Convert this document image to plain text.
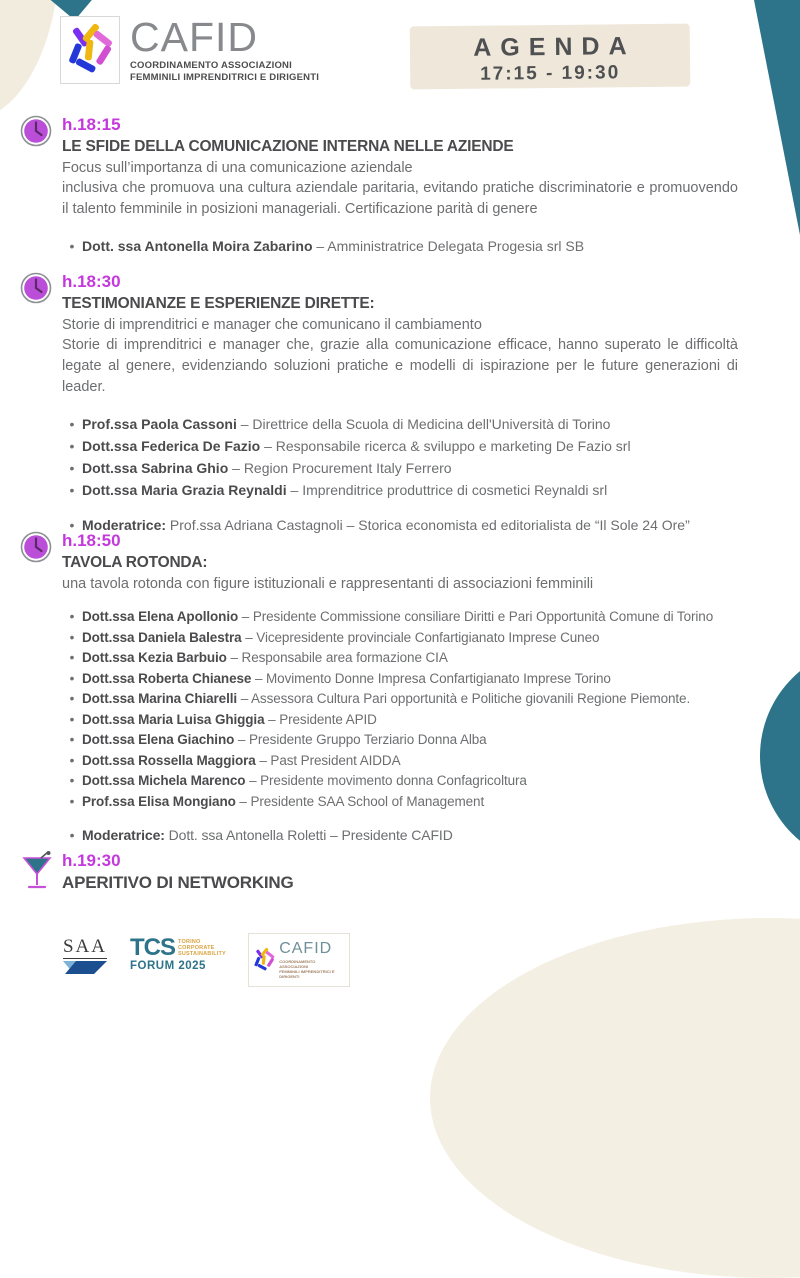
CAFID
COORDINAMENTO ASSOCIAZIONI
FEMMINILI IMPRENDITRICI E DIRIGENTI
AGENDA
17:15 - 19:30
h.18:15
LE SFIDE DELLA COMUNICAZIONE INTERNA NELLE AZIENDE
Focus sull’importanza di una comunicazione aziendale
inclusiva che promuova una cultura aziendale paritaria, evitando pratiche discriminatorie e promuovendo il talento femminile in posizioni manageriali. Certificazione parità di genere
• Dott. ssa Antonella Moira Zabarino – Amministratrice Delegata Progesia srl SB
h.18:30
TESTIMONIANZE E ESPERIENZE DIRETTE:
Storie di imprenditrici e manager che comunicano il cambiamento
Storie di imprenditrici e manager che, grazie alla comunicazione efficace, hanno superato le difficoltà legate al genere, evidenziando soluzioni pratiche e modelli di ispirazione per le future generazioni di leader.
• Prof.ssa Paola Cassoni – Direttrice della Scuola di Medicina dell'Università di Torino
• Dott.ssa Federica De Fazio – Responsabile ricerca & sviluppo e marketing De Fazio srl
• Dott.ssa Sabrina Ghio – Region Procurement Italy Ferrero
• Dott.ssa Maria Grazia Reynaldi – Imprenditrice produttrice di cosmetici Reynaldi srl
• Moderatrice: Prof.ssa Adriana Castagnoli – Storica economista ed editorialista de “Il Sole 24 Ore”
h.18:50
TAVOLA ROTONDA:
una tavola rotonda con figure istituzionali e rappresentanti di associazioni femminili
• Dott.ssa Elena Apollonio – Presidente Commissione consiliare Diritti e Pari Opportunità Comune di Torino
• Dott.ssa Daniela Balestra – Vicepresidente provinciale Confartigianato Imprese Cuneo
• Dott.ssa Kezia Barbuio – Responsabile area formazione CIA
• Dott.ssa Roberta Chianese – Movimento Donne Impresa Confartigianato Imprese Torino
• Dott.ssa Marina Chiarelli – Assessora Cultura Pari opportunità e Politiche giovanili Regione Piemonte.
• Dott.ssa Maria Luisa Ghiggia – Presidente APID
• Dott.ssa Elena Giachino – Presidente Gruppo Terziario Donna Alba
• Dott.ssa Rossella Maggiora – Past President AIDDA
• Dott.ssa Michela Marenco – Presidente movimento donna Confagricoltura
• Prof.ssa Elisa Mongiano – Presidente SAA School of Management
• Moderatrice: Dott. ssa Antonella Roletti – Presidente CAFID
h.19:30
APERITIVO DI NETWORKING
SAA TCS TORINO
CORPORATE
SUSTAINABILITY
FORUM 2025
CAFID
COORDINAMENTO ASSOCIAZIONI
FEMMINILI IMPRENDITRICI E DIRIGENTI
